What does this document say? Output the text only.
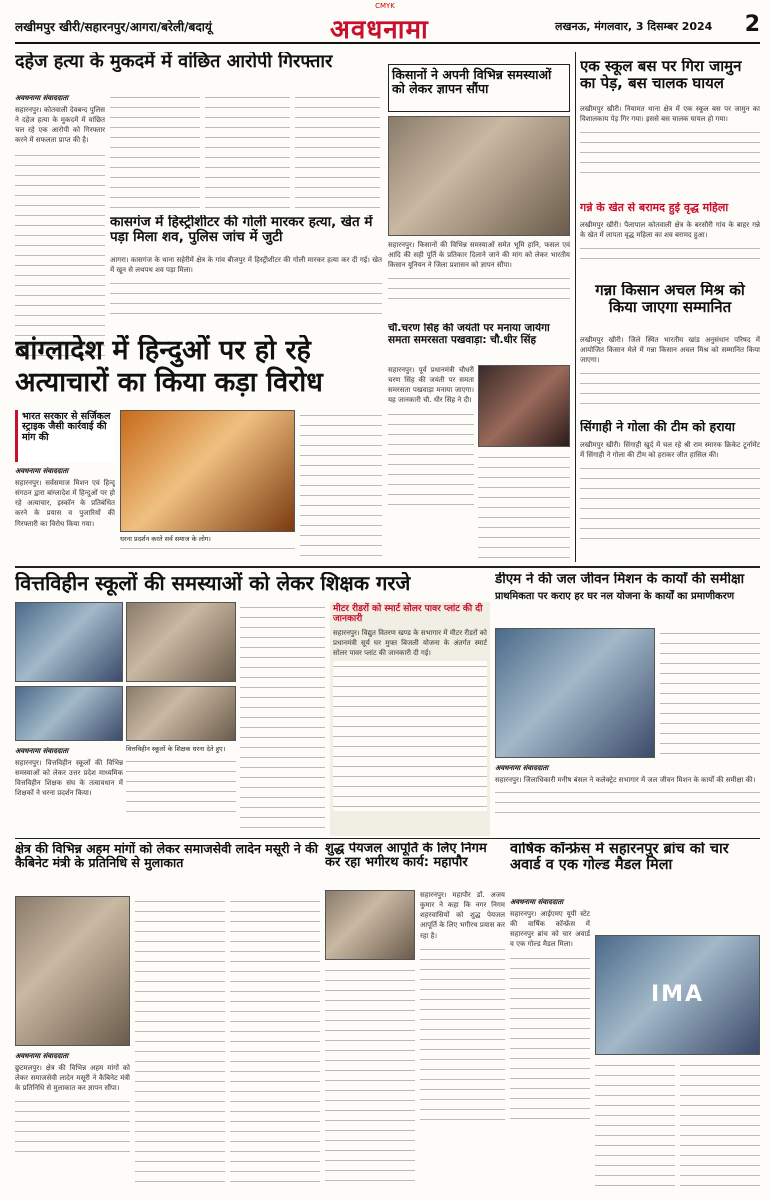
CMYK
लखीमपुर खीरी/सहारनपुर/आगरा/बरेली/बदायूं	अवधनामा	लखनऊ, मंगलवार, 3 दिसम्बर 2024 2
दहेज हत्या के मुकदमें में वांछित आरोपी गिरफ्तार
अवधनामा संवाददाता
सहारनपुर। कोतवाली देवबन्द पुलिस ने दहेज हत्या के मुकदमें में वांछित चल रहे एक आरोपी को गिरफ्तार करने में सफलता प्राप्त की है।
कासगंज में हिस्ट्रीशीटर की गोली मारकर हत्या, खेत में पड़ा मिला शव, पुलिस जांच में जुटी
आगरा। कासगंज के थाना सहेरीमें क्षेत्र के गांव बीजपुर में हिस्ट्रीशीटर की गोली मारकर हत्या कर दी गई। खेत में खून से लथपथ शव पड़ा मिला।
किसानों ने अपनी विभिन्न समस्याओं को लेकर ज्ञापन सौंपा
सहारनपुर। किसानों की विभिन्न समस्याओं समेत भूमि हानि, फसल एवं आदि की सही पूर्ति के प्रतिकार दिलाने जाने की मांग को लेकर भारतीय किसान यूनियन ने जिला प्रशासन को ज्ञापन सौंपा।
एक स्कूल बस पर गिरा जामुन का पेड़, बस चालक घायल
लखीमपुर खीरी। नियामत थाना क्षेत्र में एक स्कूल बस पर जामुन का विशालकाय पेड़ गिर गया। इससे बस चालक घायल हो गया।
गन्ने के खेत से बरामद हुई वृद्ध महिला
लखीमपुर खीरी। पैलापाल कोतवाली क्षेत्र के बरसौरी गांव के बाहर गन्ने के खेत में लापता वृद्ध महिला का शव बरामद हुआ।
गन्ना किसान अचल मिश्र को किया जाएगा सम्मानित
लखीमपुर खीरी। जिले स्थित भारतीय खांड अनुसंधान परिषद में आयोजित किसान मेले में गन्ना किसान अचल मिश्र को सम्मानित किया जाएगा।
सिंगाही ने गोला की टीम को हराया
लखीमपुर खीरी। सिंगाही खुर्द में चल रहे श्री राम स्मारक क्रिकेट टूर्नामेंट में सिंगाही ने गोला की टीम को हराकर जीत हासिल की।
चौ.चरण सिंह की जयंती पर मनाया जायेगा समता समरसता पखवाड़ा: चौ.धीर सिंह
सहारनपुर। पूर्व प्रधानमंत्री चौधरी चरण सिंह की जयंती पर समता समरसता पखवाड़ा मनाया जाएगा। यह जानकारी चौ. धीर सिंह ने दी।
बांग्लादेश में हिन्दुओं पर हो रहे अत्याचारों का किया कड़ा विरोध
भारत सरकार से सर्जिकल स्ट्राइक जैसी कार्रवाई की मांग की
अवधनामा संवाददाता
सहारनपुर। सर्वसमाज मिशन एवं हिन्दू संगठन द्वारा बांग्लादेश में हिन्दुओं पर हो रहे अत्याचार, इस्कॉन के प्रतिबंधित करने के प्रयास व पुजारियों की गिरफ्तारी का विरोध किया गया।
धरना प्रदर्शन करते सर्व समाज के लोग।
वित्तविहीन स्कूलों की समस्याओं को लेकर शिक्षक गरजे
अवधनामा संवाददाता
सहारनपुर। वित्तविहीन स्कूलों की विभिन्न समस्याओं को लेकर उत्तर प्रदेश माध्यमिक वित्तविहीन शिक्षक संघ के तत्वावधान में शिक्षकों ने धरना प्रदर्शन किया।
वित्तविहीन स्कूलों के शिक्षक धरना देते हुए।
मीटर रीडरों को स्मार्ट सोलर पावर प्लांट की दी जानकारी
सहारनपुर। विद्युत वितरण खण्ड के सभागार में मीटर रीडरों को प्रधानमंत्री सूर्य घर मुफ्त बिजली योजना के अंतर्गत स्मार्ट सोलर पावर प्लांट की जानकारी दी गई।
डीएम ने की जल जीवन मिशन के कार्यों की समीक्षा
प्राथमिकता पर कराए हर घर नल योजना के कार्यों का प्रमाणीकरण
अवधनामा संवाददाता
सहारनपुर। जिलाधिकारी मनीष बंसल ने कलेक्ट्रेट सभागार में जल जीवन मिशन के कार्यों की समीक्षा की।
क्षेत्र की विभिन्न अहम मांगों को लेकर समाजसेवी लादेन मसूरी ने की कैबिनेट मंत्री के प्रतिनिधि से मुलाकात
अवधनामा संवाददाता
छुटमलपुर। क्षेत्र की विभिन्न अहम मांगों को लेकर समाजसेवी लादेन मसूरी ने कैबिनेट मंत्री के प्रतिनिधि से मुलाकात कर ज्ञापन सौंपा।
शुद्ध पेयजल आपूर्ति के लिए निगम कर रहा भगीरथ कार्य: महापौर
सहारनपुर। महापौर डॉ. अजय कुमार ने कहा कि नगर निगम शहरवासियों को शुद्ध पेयजल आपूर्ति के लिए भगीरथ प्रयास कर रहा है।
वार्षिक कॉन्फ्रेंस में सहारनपुर ब्रांच को चार अवार्ड व एक गोल्ड मैडल मिला
अवधनामा संवाददाता
सहारनपुर। आईएमए यूपी स्टेट की वार्षिक कॉन्फ्रेंस में सहारनपुर ब्रांच को चार अवार्ड व एक गोल्ड मैडल मिला।
IMA
